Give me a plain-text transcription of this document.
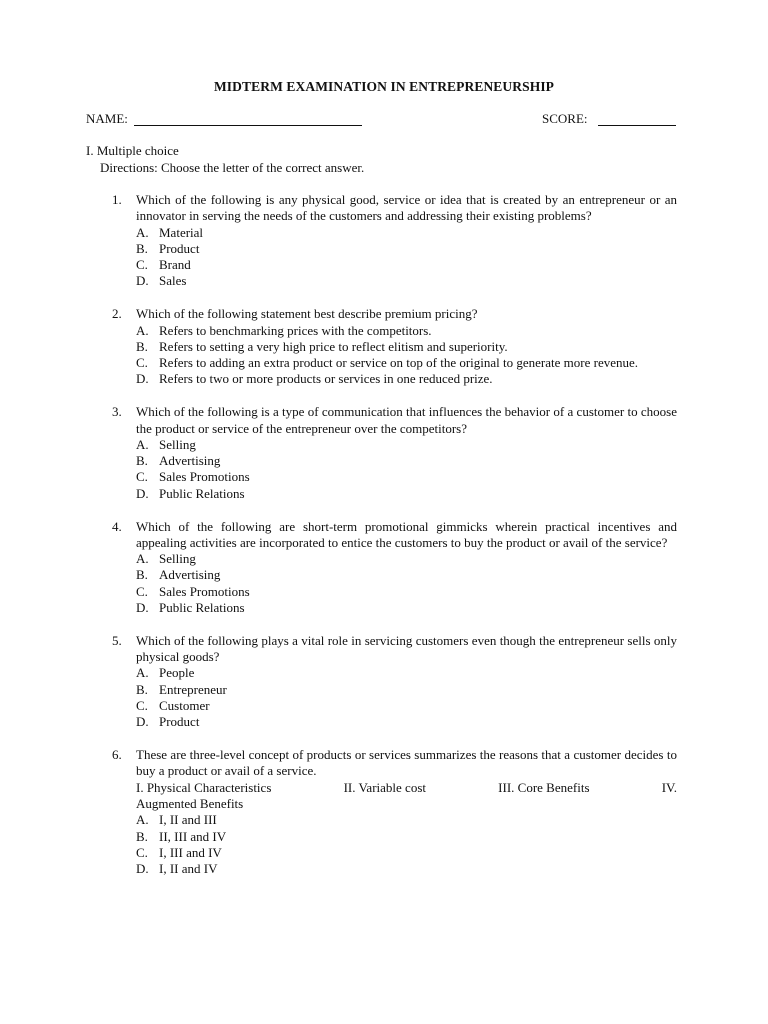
MIDTERM EXAMINATION IN ENTREPRENEURSHIP
NAME:	SCORE:
I. Multiple choice
Directions: Choose the letter of the correct answer.
1.	Which of the following is any physical good, service or idea that is created by an entrepreneur or an innovator in serving the needs of the customers and addressing their existing problems?
A. Material
B. Product
C. Brand
D. Sales
2.	Which of the following statement best describe premium pricing?
A. Refers to benchmarking prices with the competitors.
B. Refers to setting a very high price to reflect elitism and superiority.
C. Refers to adding an extra product or service on top of the original to generate more revenue.
D. Refers to two or more products or services in one reduced prize.
3.	Which of the following is a type of communication that influences the behavior of a customer to choose the product or service of the entrepreneur over the competitors?
A. Selling
B. Advertising
C. Sales Promotions
D. Public Relations
4.	Which of the following are short-term promotional gimmicks wherein practical incentives and appealing activities are incorporated to entice the customers to buy the product or avail of the service?
A. Selling
B. Advertising
C. Sales Promotions
D. Public Relations
5.	Which of the following plays a vital role in servicing customers even though the entrepreneur sells only physical goods?
A. People
B. Entrepreneur
C. Customer
D. Product
6.	These are three-level concept of products or services summarizes the reasons that a customer decides to buy a product or avail of a service.
I. Physical Characteristics	II. Variable cost	III. Core Benefits	IV.
Augmented Benefits
A. I, II and III
B. II, III and IV
C. I, III and IV
D. I, II and IV
